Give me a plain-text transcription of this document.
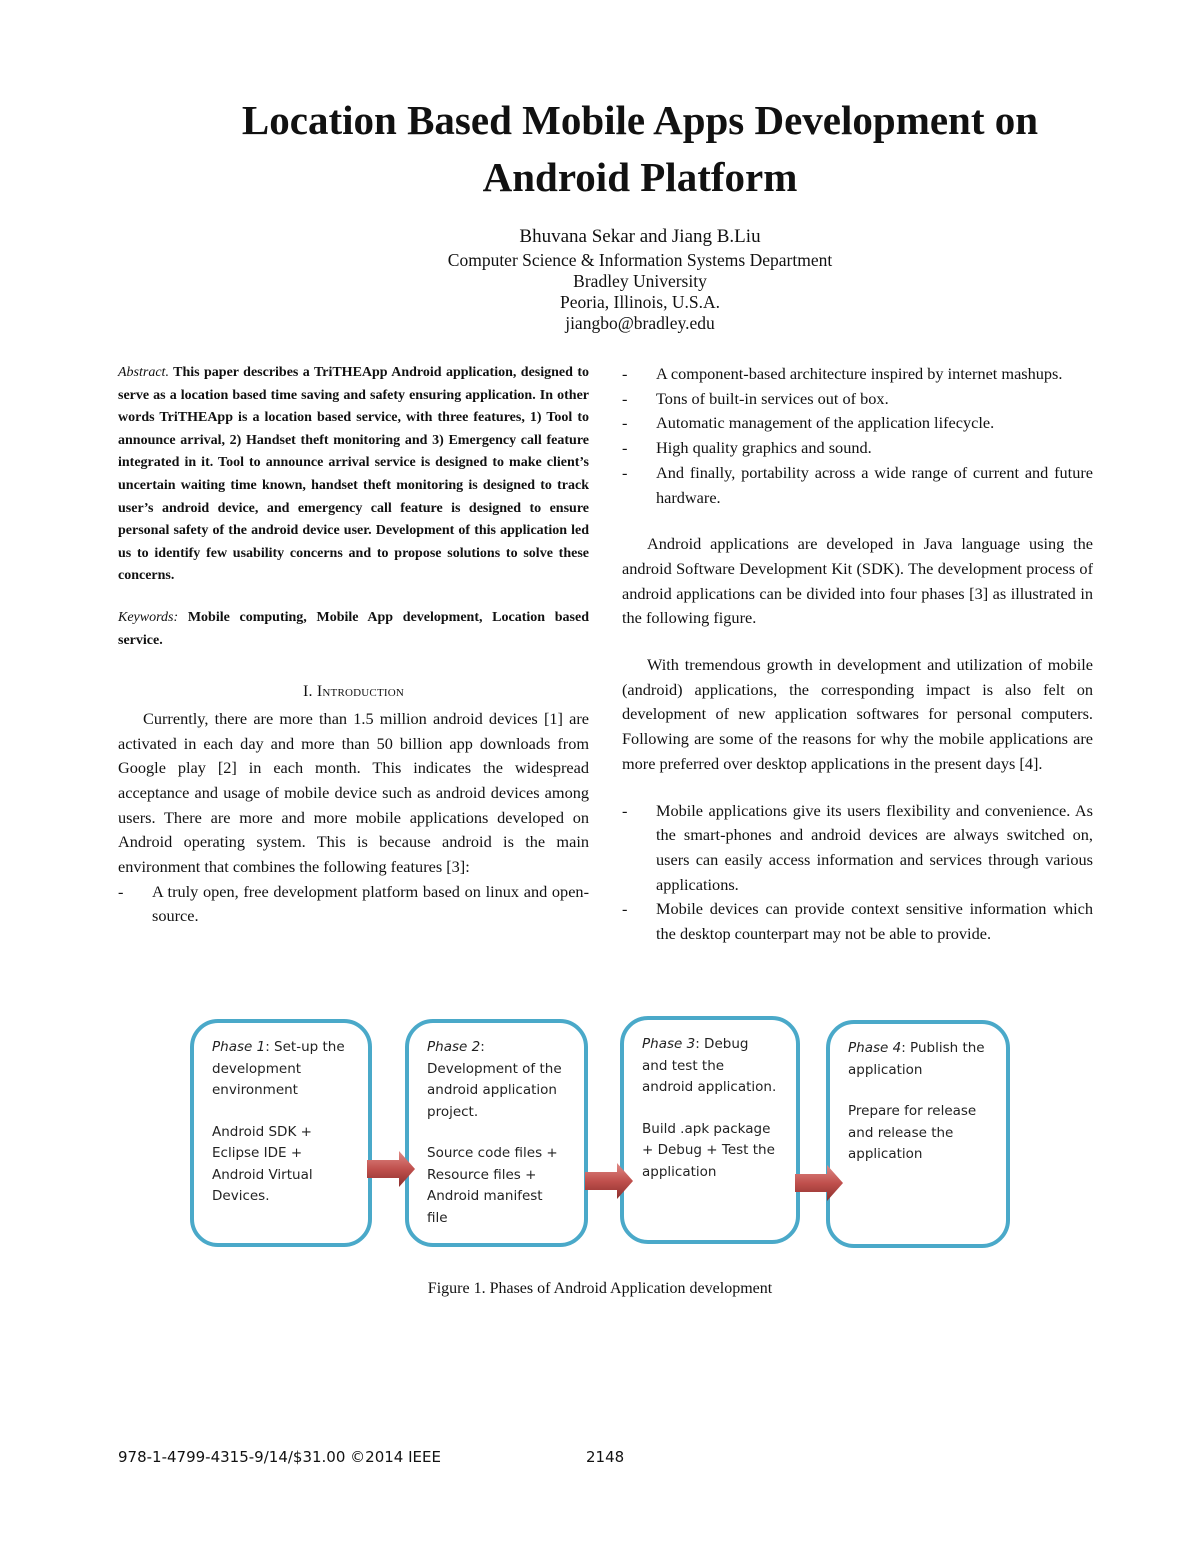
Location Based Mobile Apps Development on
Android Platform
Bhuvana Sekar and Jiang B.Liu
Computer Science & Information Systems Department
Bradley University
Peoria, Illinois, U.S.A.
jiangbo@bradley.edu

Abstract. This paper describes a TriTHEApp Android application, designed to serve as a location based time saving and safety ensuring application. In other words TriTHEApp is a location based service, with three features, 1) Tool to announce arrival, 2) Handset theft monitoring and 3) Emergency call feature integrated in it. Tool to announce arrival service is designed to make client’s uncertain waiting time known, handset theft monitoring is designed to track user’s android device, and emergency call feature is designed to ensure personal safety of the android device user. Development of this application led us to identify few usability concerns and to propose solutions to solve these concerns.

Keywords: Mobile computing, Mobile App development, Location based service.

I. Introduction

Currently, there are more than 1.5 million android devices [1] are activated in each day and more than 50 billion app downloads from Google play [2] in each month. This indicates the widespread acceptance and usage of mobile device such as android devices among users. There are more and more mobile applications developed on Android operating system. This is because android is the main environment that combines the following features [3]:

- A truly open, free development platform based on linux and open-source.
- A component-based architecture inspired by internet mashups.
- Tons of built-in services out of box.
- Automatic management of the application lifecycle.
- High quality graphics and sound.
- And finally, portability across a wide range of current and future hardware.

Android applications are developed in Java language using the android Software Development Kit (SDK). The development process of android applications can be divided into four phases [3] as illustrated in the following figure.

With tremendous growth in development and utilization of mobile (android) applications, the corresponding impact is also felt on development of new application softwares for personal computers. Following are some of the reasons for why the mobile applications are more preferred over desktop applications in the present days [4].

- Mobile applications give its users flexibility and convenience. As the smart-phones and android devices are always switched on, users can easily access information and services through various applications.
- Mobile devices can provide context sensitive information which the desktop counterpart may not be able to provide.

Phase 1: Set-up the development environment

Android SDK + Eclipse IDE + Android Virtual Devices.

Phase 2: Development of the android application project.

Source code files + Resource files + Android manifest file

Phase 3: Debug and test the android application.

Build .apk package + Debug + Test the application

Phase 4: Publish the application

Prepare for release and release the application

Figure 1. Phases of Android Application development
978-1-4799-4315-9/14/$31.00 ©2014 IEEE	2148
